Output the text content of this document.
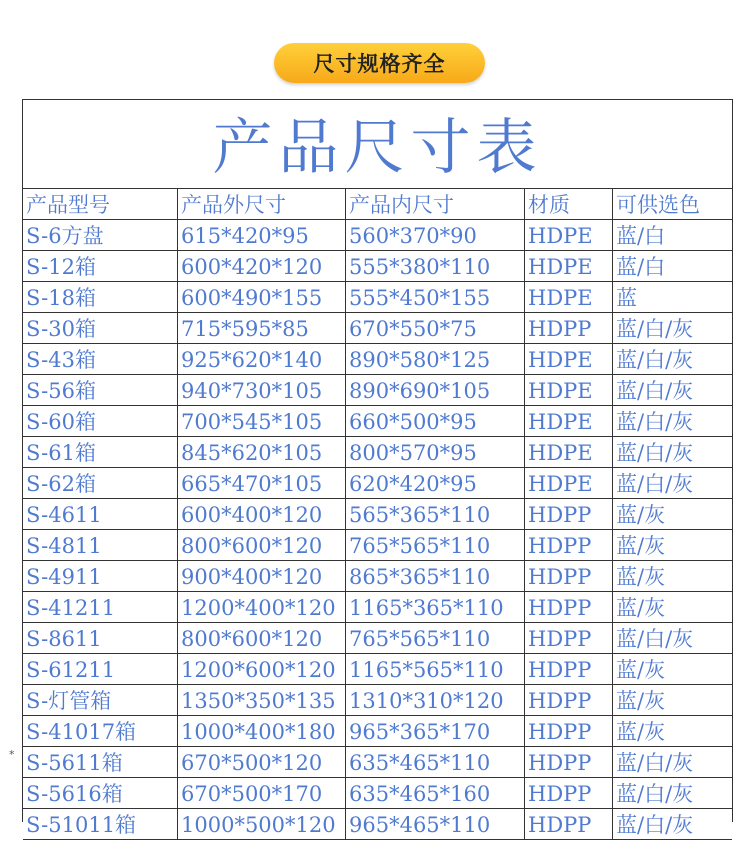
尺寸规格齐全
*
产品尺寸表
产品型号	产品外尺寸	产品内尺寸	材质	可供选色
S-6方盘	615*420*95	560*370*90	HDPE	蓝/白
S-12箱	600*420*120	555*380*110	HDPE	蓝/白
S-18箱	600*490*155	555*450*155	HDPE	蓝
S-30箱	715*595*85	670*550*75	HDPP	蓝/白/灰
S-43箱	925*620*140	890*580*125	HDPE	蓝/白/灰
S-56箱	940*730*105	890*690*105	HDPE	蓝/白/灰
S-60箱	700*545*105	660*500*95	HDPE	蓝/白/灰
S-61箱	845*620*105	800*570*95	HDPE	蓝/白/灰
S-62箱	665*470*105	620*420*95	HDPE	蓝/白/灰
S-4611	600*400*120	565*365*110	HDPP	蓝/灰
S-4811	800*600*120	765*565*110	HDPP	蓝/灰
S-4911	900*400*120	865*365*110	HDPP	蓝/灰
S-41211	1200*400*120 1165*365*110	HDPP	蓝/灰
S-8611	800*600*120	765*565*110	HDPP	蓝/白/灰
S-61211	1200*600*120 1165*565*110	HDPP	蓝/灰
S-灯管箱	1350*350*135 1310*310*120	HDPP	蓝/灰
S-41017箱	1000*400*180 965*365*170	HDPP	蓝/灰
S-5611箱	670*500*120	635*465*110	HDPP	蓝/白/灰
S-5616箱	670*500*170	635*465*160	HDPP	蓝/白/灰
S-51011箱	1000*500*120 965*465*110	HDPP	蓝/白/灰
